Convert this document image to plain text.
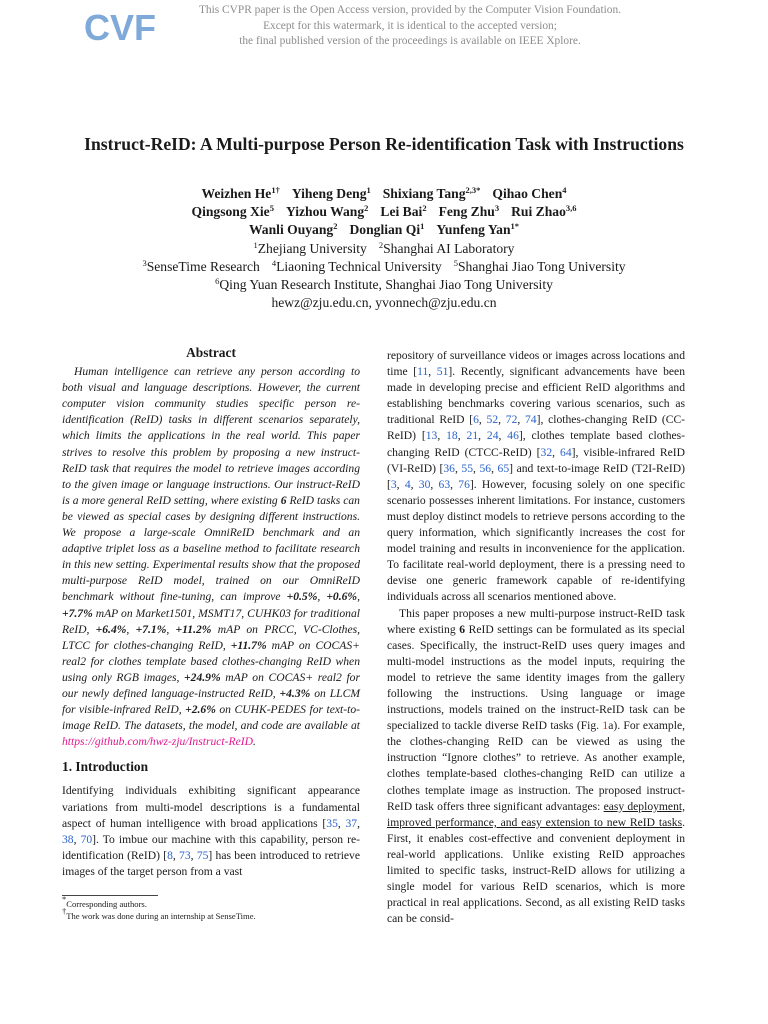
CVF	This CVPR paper is the Open Access version, provided by the Computer Vision Foundation.
Except for this watermark, it is identical to the accepted version;
the final published version of the proceedings is available on IEEE Xplore.
Instruct-ReID: A Multi-purpose Person Re-identification Task with Instructions
Weizhen $He^{1\dagger}$ Yiheng Deng$^1$ Shixiang Tang$^{2,3*}$ Qihao Chen$^4$
Qingsong Xie$^5$ Yizhou Wang$^2$ Lei Bai$^2$ Feng Zhu$^3$ Rui Zhao$^{3,6}$
Wanli Ouyang$^2$ Donglian Qi$^1$ Yunfeng Yan$^{1*}$
$^1$Zhejiang University $^2$Shanghai AI Laboratory
$^3$SenseTime Research $^4$Liaoning Technical University $^5$Shanghai Jiao Tong University
$^6$Qing Yuan Research Institute, Shanghai Jiao Tong University
hewz@zju.edu.cn, yvonnech@zju.edu.cn
Abstract

Human intelligence can retrieve any person according to both visual and language descriptions. However, the current computer vision community studies specific person re-identification (ReID) tasks in different scenarios separately, which limits the applications in the real world. This paper strives to resolve this problem by proposing a new instruct-ReID task that requires the model to retrieve images according to the given image or language instructions. Our instruct-ReID is a more general ReID setting, where existing 6 ReID tasks can be viewed as special cases by designing different instructions. We propose a large-scale OmniReID benchmark and an adaptive triplet loss as a baseline method to facilitate research in this new setting. Experimental results show that the proposed multi-purpose ReID model, trained on our OmniReID benchmark without fine-tuning, can improve +0.5%, +0.6%, +7.7% mAP on Market1501, MSMT17, CUHK03 for traditional ReID, +6.4%, +7.1%, +11.2% mAP on PRCC, VC-Clothes, LTCC for clothes-changing ReID, +11.7% mAP on COCAS+ real2 for clothes template based clothes-changing ReID when using only RGB images, +24.9% mAP on COCAS+ real2 for our newly defined language-instructed ReID, +4.3% on LLCM for visible-infrared ReID, +2.6% on CUHK-PEDES for text-to-image ReID. The datasets, the model, and code are available at https://github.com/hwz-zju/Instruct-ReID.

1. Introduction

Identifying individuals exhibiting significant appearance variations from multi-model descriptions is a fundamental aspect of human intelligence with broad applications [35, 37, 38, 70]. To imbue our machine with this capability, person re-identification (ReID) [8, 73, 75] has been introduced to retrieve images of the target person from a vast

*Corresponding authors.
†The work was done during an internship at SenseTime.

repository of surveillance videos or images across locations and time [11, 51]. Recently, significant advancements have been made in developing precise and efficient ReID algorithms and establishing benchmarks covering various scenarios, such as traditional ReID [6, 52, 72, 74], clothes-changing ReID (CC-ReID) [13, 18, 21, 24, 46], clothes template based clothes-changing ReID (CTCC-ReID) [32, 64], visible-infrared ReID (VI-ReID) [36, 55, 56, 65] and text-to-image ReID (T2I-ReID) [3, 4, 30, 63, 76]. However, focusing solely on one specific scenario possesses inherent limitations. For instance, customers must deploy distinct models to retrieve persons according to the query information, which significantly increases the cost for model training and results in inconvenience for the application. To facilitate real-world deployment, there is a pressing need to devise one generic framework capable of re-identifying individuals across all scenarios mentioned above.

This paper proposes a new multi-purpose instruct-ReID task where existing 6 ReID settings can be formulated as its special cases. Specifically, the instruct-ReID uses query images and multi-model instructions as the model inputs, requiring the model to retrieve the same identity images from the gallery following the instructions. Using language or image instructions, models trained on the instruct-ReID task can be specialized to tackle diverse ReID tasks (Fig. 1a). For example, the clothes-changing ReID can be viewed as using the instruction “Ignore clothes” to retrieve. As another example, clothes template-based clothes-changing ReID can utilize a clothes template image as instruction. The proposed instruct-ReID task offers three significant advantages: easy deployment, improved performance, and easy extension to new ReID tasks. First, it enables cost-effective and convenient deployment in real-world applications. Unlike existing ReID approaches limited to specific tasks, instruct-ReID allows for utilizing a single model for various ReID scenarios, which is more practical in real applications. Second, as all existing ReID tasks can be consid-
